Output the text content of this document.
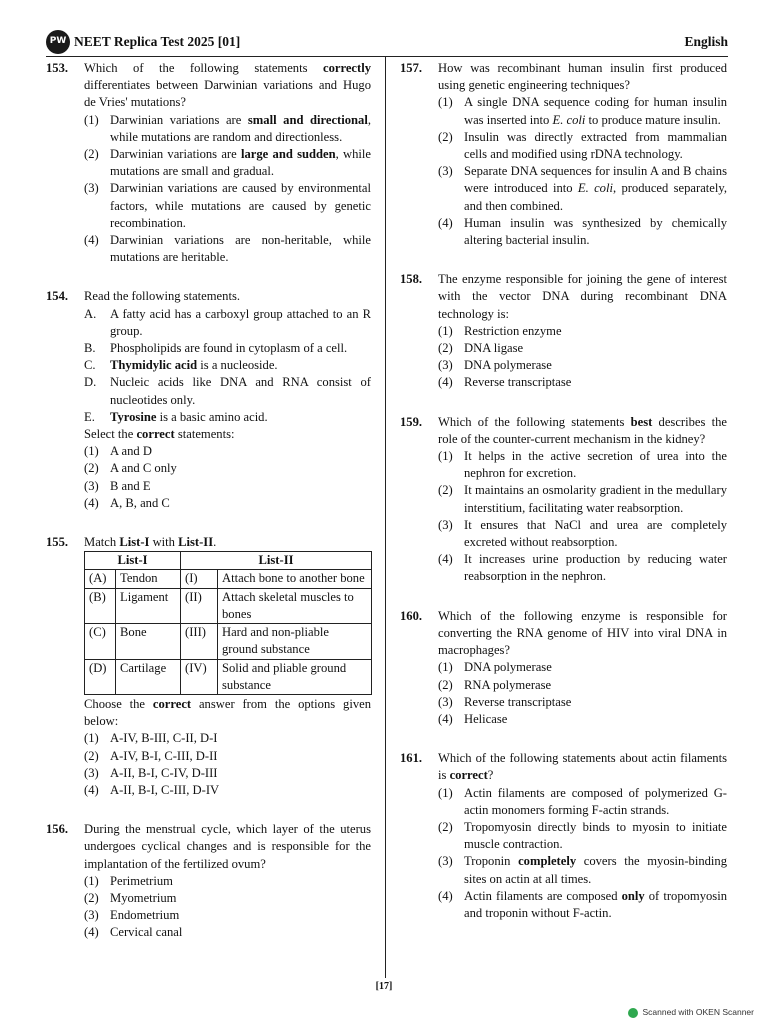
PW NEET Replica Test 2025 [01]	English
153. Which of the following statements correctly differentiates between Darwinian variations and Hugo de Vries' mutations?
(1) Darwinian variations are small and directional, while mutations are random and directionless.
(2) Darwinian variations are large and sudden, while mutations are small and gradual.
(3) Darwinian variations are caused by environmental factors, while mutations are caused by genetic recombination.
(4) Darwinian variations are non-heritable, while mutations are heritable.
154. Read the following statements.
A. A fatty acid has a carboxyl group attached to an R group.
B. Phospholipids are found in cytoplasm of a cell.
C. Thymidylic acid is a nucleoside.
D. Nucleic acids like DNA and RNA consist of nucleotides only.
E. Tyrosine is a basic amino acid.
Select the correct statements:
(1) A and D
(2) A and C only
(3) B and E
(4) A, B, and C
155. Match List-I with List-II.
List-I		List-II	
(A)	Tendon	(I)	Attach bone to another bone
(B)	Ligament	(II)	Attach skeletal muscles to bones
(C)	Bone	(III)	Hard and non-pliable ground substance
(D)	Cartilage	(IV)	Solid and pliable ground substance
Choose the correct answer from the options given below:
(1) A-IV, B-III, C-II, D-I
(2) A-IV, B-I, C-III, D-II
(3) A-II, B-I, C-IV, D-III
(4) A-II, B-I, C-III, D-IV
156. During the menstrual cycle, which layer of the uterus undergoes cyclical changes and is responsible for the implantation of the fertilized ovum?
(1) Perimetrium
(2) Myometrium
(3) Endometrium
(4) Cervical canal
157. How was recombinant human insulin first produced using genetic engineering techniques?
(1) A single DNA sequence coding for human insulin was inserted into E. coli to produce mature insulin.
(2) Insulin was directly extracted from mammalian cells and modified using rDNA technology.
(3) Separate DNA sequences for insulin A and B chains were introduced into E. coli, produced separately, and then combined.
(4) Human insulin was synthesized by chemically altering bacterial insulin.
158. The enzyme responsible for joining the gene of interest with the vector DNA during recombinant DNA technology is:
(1) Restriction enzyme
(2) DNA ligase
(3) DNA polymerase
(4) Reverse transcriptase
159. Which of the following statements best describes the role of the counter-current mechanism in the kidney?
(1) It helps in the active secretion of urea into the nephron for excretion.
(2) It maintains an osmolarity gradient in the medullary interstitium, facilitating water reabsorption.
(3) It ensures that NaCl and urea are completely excreted without reabsorption.
(4) It increases urine production by reducing water reabsorption in the nephron.
160. Which of the following enzyme is responsible for converting the RNA genome of HIV into viral DNA in macrophages?
(1) DNA polymerase
(2) RNA polymerase
(3) Reverse transcriptase
(4) Helicase
161. Which of the following statements about actin filaments is correct?
(1) Actin filaments are composed of polymerized G-actin monomers forming F-actin strands.
(2) Tropomyosin directly binds to myosin to initiate muscle contraction.
(3) Troponin completely covers the myosin-binding sites on actin at all times.
(4) Actin filaments are composed only of tropomyosin and troponin without F-actin.
[17]
Scanned with OKEN Scanner
